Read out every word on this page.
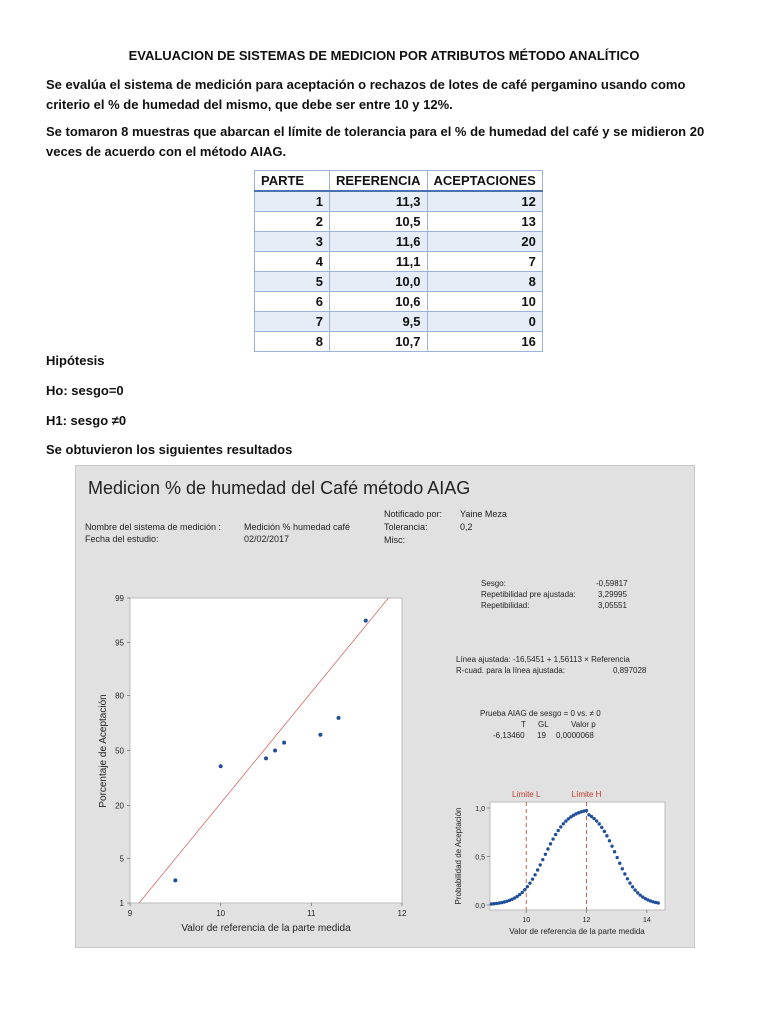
EVALUACION DE SISTEMAS DE MEDICION POR ATRIBUTOS MÉTODO ANALÍTICO
Se evalúa el sistema de medición para aceptación o rechazos de lotes de café pergamino usando como criterio el % de humedad del mismo, que debe ser entre 10 y 12%.
Se tomaron 8 muestras que abarcan el límite de tolerancia para el % de humedad del café y se midieron 20 veces de acuerdo con el método AIAG.
PARTE	REFERENCIA	ACEPTACIONES
1	11,3	12
2	10,5	13
3	11,6	20
4	11,1	7
5	10,0	8
6	10,6	10
7	9,5	0
8	10,7	16
Hipótesis
Ho: sesgo=0
H1: sesgo ≠0
Se obtuvieron los siguientes resultados
Medicion % de humedad del Café método AIAG
Nombre del sistema de medición :	Medición % humedad café
Fecha del estudio:	02/02/2017
Notificado por: Yaine Meza
Tolerancia:	0,2
Misc:
Sesgo:	-0,59817
Repetibilidad pre ajustada:	3,29995
Repetibilidad:	3,05551
Línea ajustada: -16,5451 + 1,56113 × Referencia
R-cuad. para la línea ajustada:	0,897028
Prueba AIAG de sesgo = 0 vs. ≠ 0
T GL	Valor p
-6,13460 19 0,0000068
1
5
20
50
80
95
99
9	10	11	12
Valor de referencia de la parte medida
Porcentaje de Aceptación	Límite L	Límite H
0,0
0,5
1,0
10	12	14
Valor de referencia de la parte medida
Probabilidad de Aceptación
